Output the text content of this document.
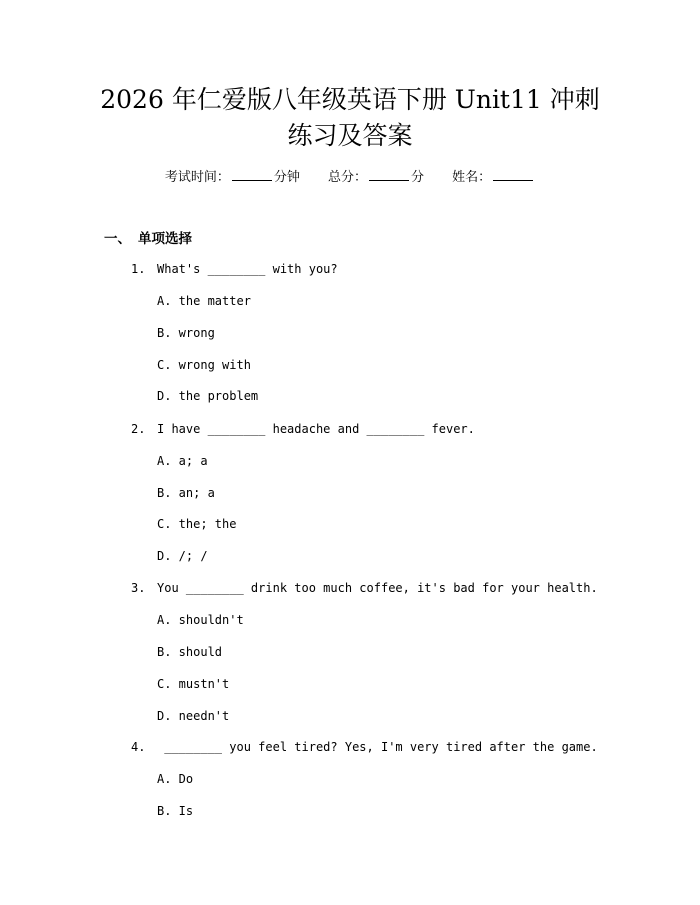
2026 年仁爱版八年级英语下册 Unit11 冲刺
练习及答案
考试时间：	分钟 总分：	分 姓名：
一、 单项选择
1. What's ________ with you?
A. the matter
B. wrong
C. wrong with
D. the problem
2. I have ________ headache and ________ fever.
A. a; a
B. an; a
C. the; the
D. /; /
3. You ________ drink too much coffee, it's bad for your health.
A. shouldn't
B. should
C. mustn't
D. needn't
4. ________ you feel tired? Yes, I'm very tired after the game.
A. Do
B. Is
